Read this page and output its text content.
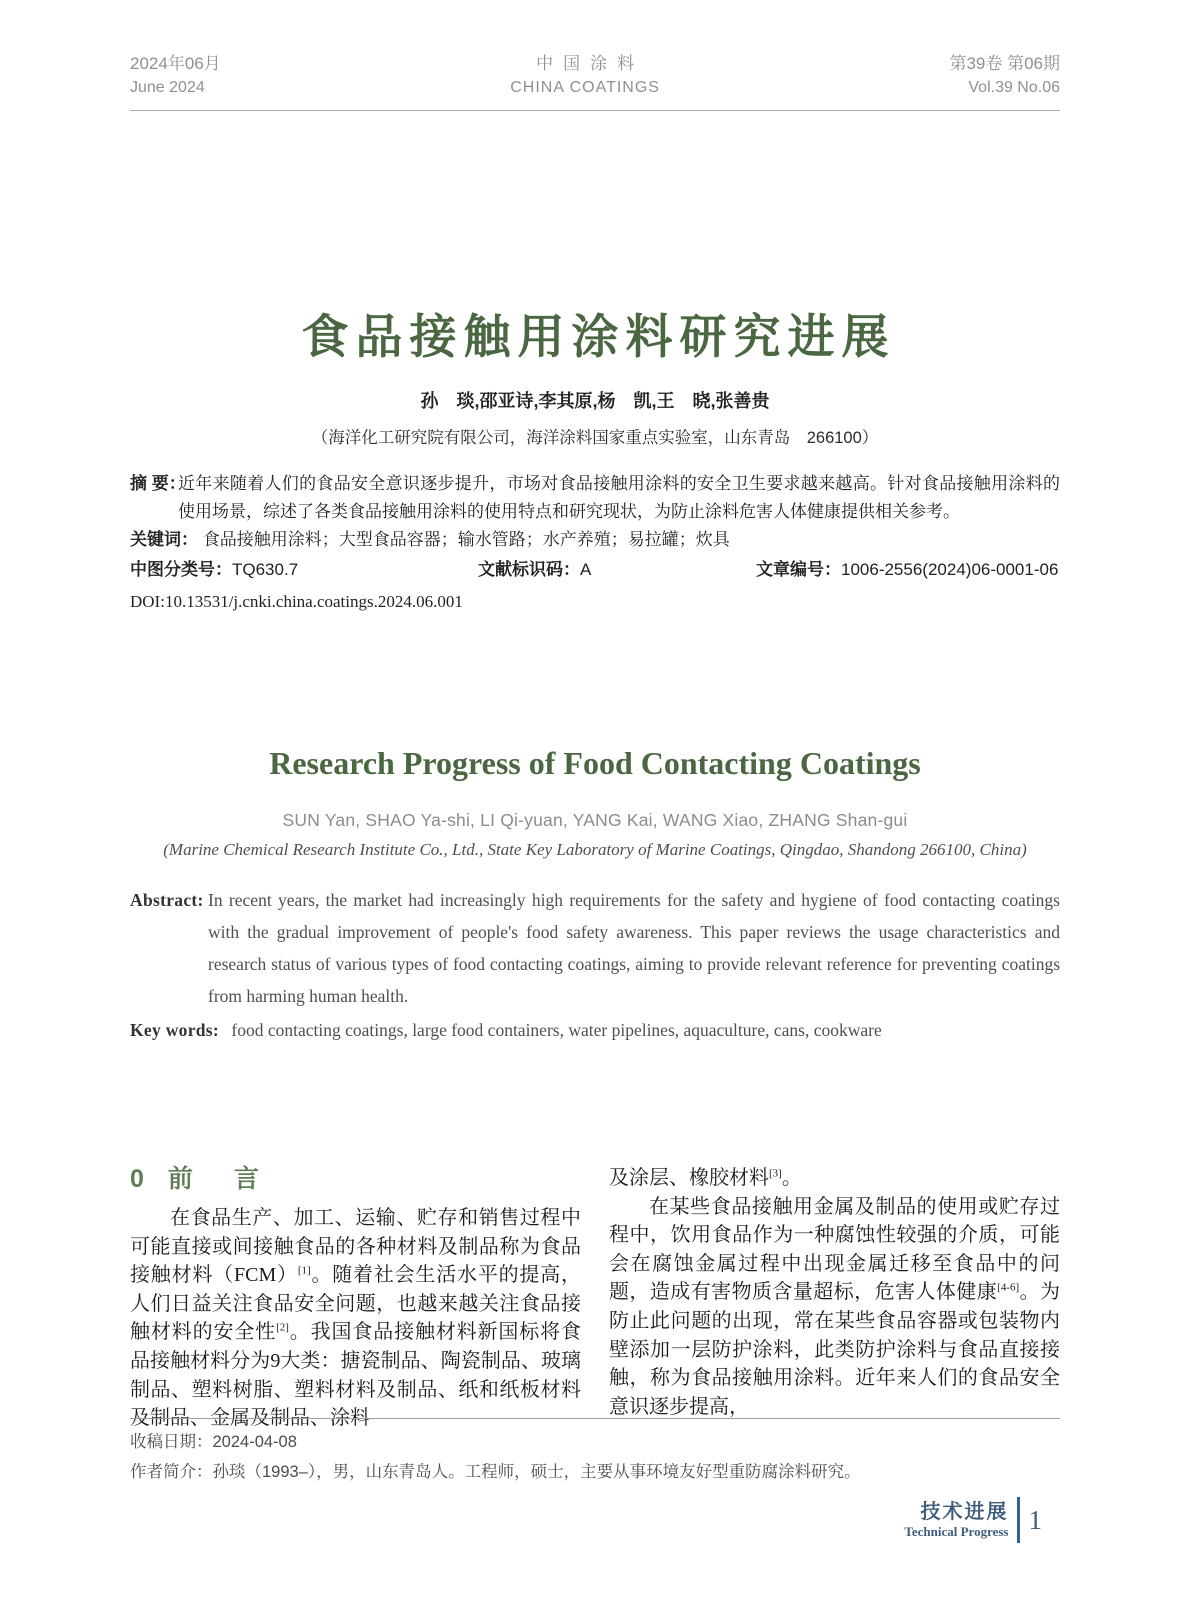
2024年06月
June 2024
中国涂料
CHINA COATINGS
第39卷 第06期
Vol.39 No.06
食品接触用涂料研究进展
孙　琰,邵亚诗,李其原,杨　凯,王　晓,张善贵
（海洋化工研究院有限公司，海洋涂料国家重点实验室，山东青岛　266100）
摘 要：
近年来随着人们的食品安全意识逐步提升，市场对食品接触用涂料的安全卫生要求越来越高。针对食品接触用涂料的使用场景，综述了各类食品接触用涂料的使用特点和研究现状，为防止涂料危害人体健康提供相关参考。
关键词： 食品接触用涂料；大型食品容器；输水管路；水产养殖；易拉罐；炊具
中图分类号：TQ630.7	文献标识码：A	文章编号：1006-2556(2024)06-0001-06
DOI:10.13531/j.cnki.china.coatings.2024.06.001
Research Progress of Food Contacting Coatings
SUN Yan, SHAO Ya-shi, LI Qi-yuan, YANG Kai, WANG Xiao, ZHANG Shan-gui
(Marine Chemical Research Institute Co., Ltd., State Key Laboratory of Marine Coatings, Qingdao, Shandong 266100, China)
Abstract: In recent years, the market had increasingly high requirements for the safety and hygiene of food contacting coatings with the gradual improvement of people's food safety awareness. This paper reviews the usage characteristics and research status of various types of food contacting coatings, aiming to provide relevant reference for preventing coatings from harming human health.
Key words: food contacting coatings, large food containers, water pipelines, aquaculture, cans, cookware
0 前　言

在食品生产、加工、运输、贮存和销售过程中可能直接或间接触食品的各种材料及制品称为食品接触材料（FCM）[1]。随着社会生活水平的提高，人们日益关注食品安全问题，也越来越关注食品接触材料的安全性[2]。我国食品接触材料新国标将食品接触材料分为9大类：搪瓷制品、陶瓷制品、玻璃制品、塑料树脂、塑料材料及制品、纸和纸板材料及制品、金属及制品、涂料

及涂层、橡胶材料[3]。

在某些食品接触用金属及制品的使用或贮存过程中，饮用食品作为一种腐蚀性较强的介质，可能会在腐蚀金属过程中出现金属迁移至食品中的问题，造成有害物质含量超标，危害人体健康[4-6]。为防止此问题的出现，常在某些食品容器或包装物内壁添加一层防护涂料，此类防护涂料与食品直接接触，称为食品接触用涂料。近年来人们的食品安全意识逐步提高，

收稿日期：2024-04-08
作者简介：孙琰（1993–），男，山东青岛人。工程师，硕士，主要从事环境友好型重防腐涂料研究。
技术进展
Technical Progress 1
